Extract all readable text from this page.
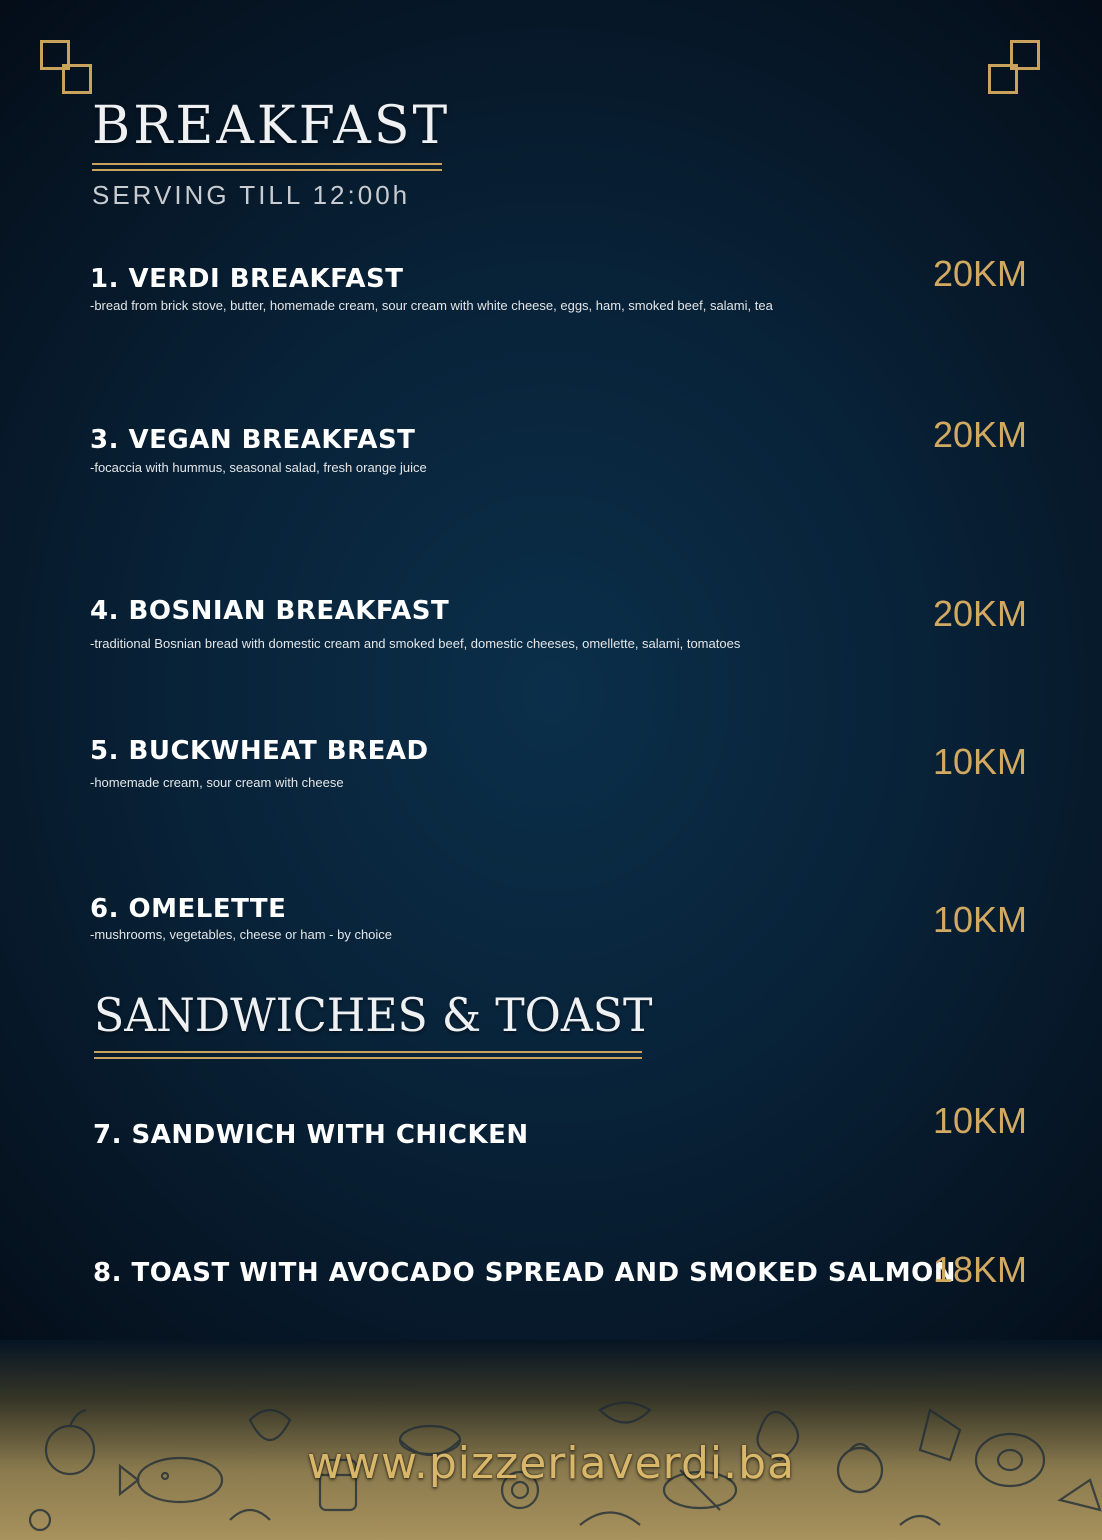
BREAKFAST
SERVING TILL 12:00h
1. VERDI BREAKFAST
-bread from brick stove, butter, homemade cream, sour cream with white cheese, eggs, ham, smoked beef, salami, tea
20KM
3. VEGAN BREAKFAST
-focaccia with hummus, seasonal salad, fresh orange juice
20KM
4. BOSNIAN BREAKFAST
-traditional Bosnian bread with domestic cream and smoked beef, domestic cheeses, omellette, salami, tomatoes
20KM
5. BUCKWHEAT BREAD
-homemade cream, sour cream with cheese
10KM
6. OMELETTE
-mushrooms, vegetables, cheese or ham - by choice	10KM
SANDWICHES & TOAST
7. SANDWICH WITH CHICKEN	10KM
8. TOAST WITH AVOCADO SPREAD AND SMOKED SALMON
18KM
www.pizzeriaverdi.ba
